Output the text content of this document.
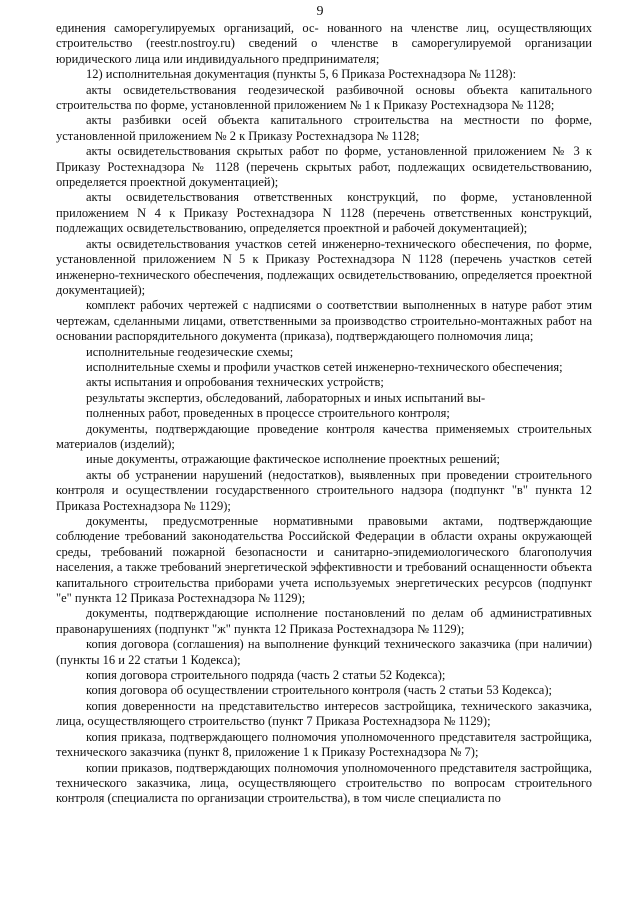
9

единения саморегулируемых организаций, ос- нованного на членстве лиц, осуществляющих строительство (reestr.nostroy.ru) сведений о членстве в саморегулируемой организации юридического лица или индивидуального предпринимателя;

12) исполнительная документация (пункты 5, 6 Приказа Ростехнадзора № 1128):

акты освидетельствования геодезической разбивочной основы объекта капитального строительства по форме, установленной приложением № 1 к Приказу Ростехнадзора № 1128;

акты разбивки осей объекта капитального строительства на местности по форме, установленной приложением № 2 к Приказу Ростехнадзора № 1128;

акты освидетельствования скрытых работ по форме, установленной приложением № 3 к Приказу Ростехнадзора № 1128 (перечень скрытых работ, подлежащих освидетельствованию, определяется проектной документацией);

акты освидетельствования ответственных конструкций, по форме, установленной приложением N 4 к Приказу Ростехнадзора N 1128 (перечень ответственных конструкций, подлежащих освидетельствованию, определяется проектной и рабочей документацией);

акты освидетельствования участков сетей инженерно-технического обеспечения, по форме, установленной приложением N 5 к Приказу Ростехнадзора N 1128 (перечень участков сетей инженерно-технического обеспечения, подлежащих освидетельствованию, определяется проектной документацией);

комплект рабочих чертежей с надписями о соответствии выполненных в натуре работ этим чертежам, сделанными лицами, ответственными за производство строительно-монтажных работ на основании распорядительного документа (приказа), подтверждающего полномочия лица;

исполнительные геодезические схемы;

исполнительные схемы и профили участков сетей инженерно-технического обеспечения;

акты испытания и опробования технических устройств;

результаты экспертиз, обследований, лабораторных и иных испытаний вы-

полненных работ, проведенных в процессе строительного контроля;

документы, подтверждающие проведение контроля качества применяемых строительных материалов (изделий);

иные документы, отражающие фактическое исполнение проектных решений;

акты об устранении нарушений (недостатков), выявленных при проведении строительного контроля и осуществлении государственного строительного надзора (подпункт "в" пункта 12 Приказа Ростехнадзора № 1129);

документы, предусмотренные нормативными правовыми актами, подтверждающие соблюдение требований законодательства Российской Федерации в области охраны окружающей среды, требований пожарной безопасности и санитарно-эпидемиологического благополучия населения, а также требований энергетической эффективности и требований оснащенности объекта капитального строительства приборами учета используемых энергетических ресурсов (подпункт "е" пункта 12 Приказа Ростехнадзора № 1129);

документы, подтверждающие исполнение постановлений по делам об административных правонарушениях (подпункт "ж" пункта 12 Приказа Ростехнадзора № 1129);

копия договора (соглашения) на выполнение функций технического заказчика (при наличии) (пункты 16 и 22 статьи 1 Кодекса);

копия договора строительного подряда (часть 2 статьи 52 Кодекса);

копия договора об осуществлении строительного контроля (часть 2 статьи 53 Кодекса);

копия доверенности на представительство интересов застройщика, технического заказчика, лица, осуществляющего строительство (пункт 7 Приказа Ростехнадзора № 1129);

копия приказа, подтверждающего полномочия уполномоченного представителя застройщика, технического заказчика (пункт 8, приложение 1 к Приказу Ростехнадзора № 7);

копии приказов, подтверждающих полномочия уполномоченного представителя застройщика, технического заказчика, лица, осуществляющего строительство по вопросам строительного контроля (специалиста по организации строительства), в том числе специалиста по
